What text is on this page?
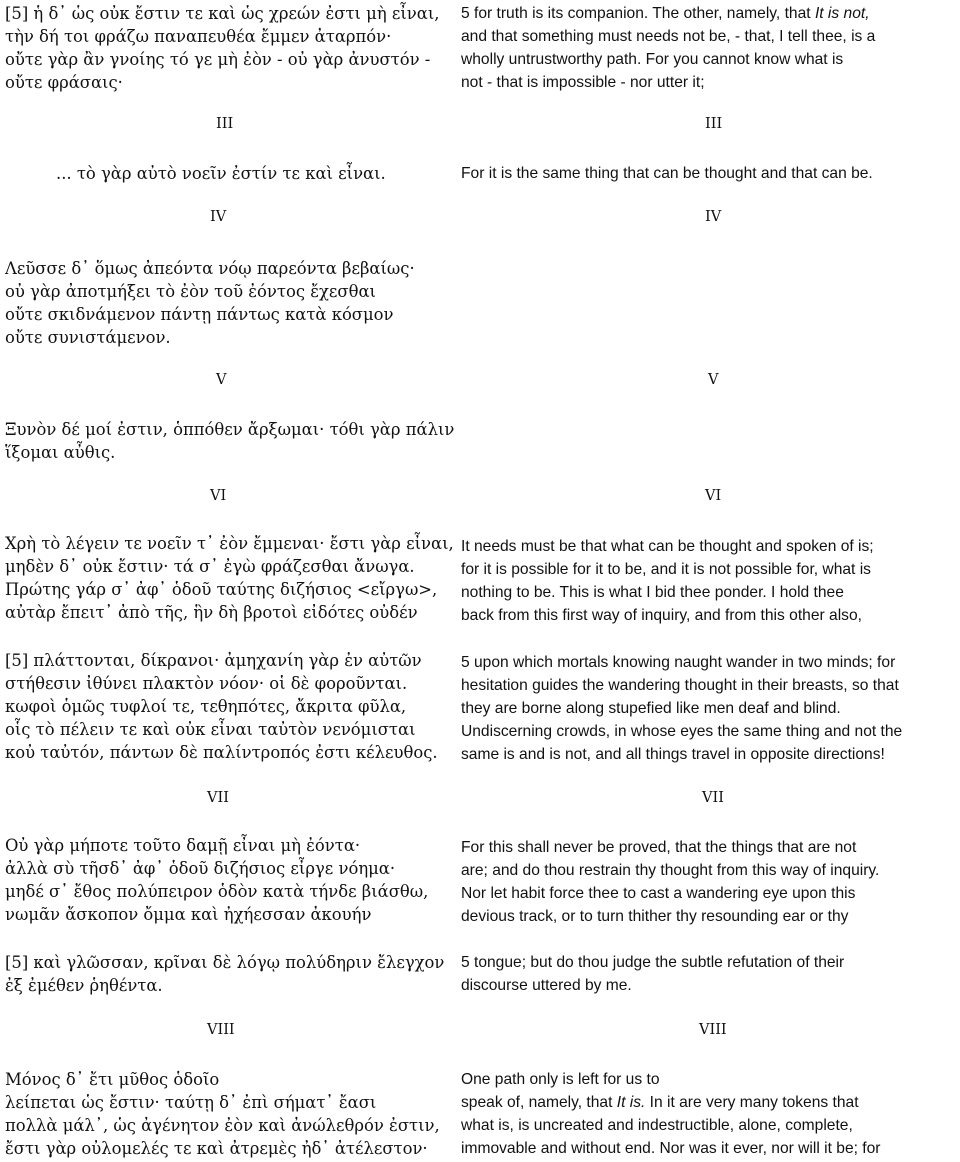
[5] ἡ δ᾽ ὡς οὐκ ἔστιν τε καὶ ὡς χρεών ἐστι μὴ εἶναι,
τὴν δή τοι φράζω παναπευθέα ἔμμεν ἀταρπόν·
οὔτε γὰρ ἂν γνοίης τό γε μὴ ἐὸν - οὐ γὰρ ἀνυστόν -
οὔτε φράσαις·
5 for truth is its companion. The other, namely, that It is not,
and that something must needs not be, - that, I tell thee, is a
wholly untrustworthy path. For you cannot know what is
not - that is impossible - nor utter it;
III	III
... τὸ γὰρ αὐτὸ νοεῖν ἐστίν τε καὶ εἶναι.	For it is the same thing that can be thought and that can be.
IV	IV
Λεῦσσε δ᾽ ὅμως ἀπεόντα νόῳ παρεόντα βεβαίως·
οὐ γὰρ ἀποτμήξει τὸ ἐὸν τοῦ ἐόντος ἔχεσθαι
οὔτε σκιδνάμενον πάντῃ πάντως κατὰ κόσμον
οὔτε συνιστάμενον.
V	V
Ξυνὸν δέ μοί ἐστιν, ὁππόθεν ἄρξωμαι· τόθι γὰρ πάλιν
ἵξομαι αὖθις.
VI	VI
Χρὴ τὸ λέγειν τε νοεῖν τ᾽ ἐὸν ἔμμεναι· ἔστι γὰρ εἶναι,
μηδὲν δ᾽ οὐκ ἔστιν· τά σ᾽ ἐγὼ φράζεσθαι ἄνωγα.
Πρώτης γάρ σ᾽ ἀφ᾽ ὁδοῦ ταύτης διζήσιος <εἴργω>,
αὐτὰρ ἔπειτ᾽ ἀπὸ τῆς, ἣν δὴ βροτοὶ εἰδότες οὐδέν
It needs must be that what can be thought and spoken of is;
for it is possible for it to be, and it is not possible for, what is
nothing to be. This is what I bid thee ponder. I hold thee
back from this first way of inquiry, and from this other also,
[5] πλάττονται, δίκρανοι· ἀμηχανίη γὰρ ἐν αὐτῶν
στήθεσιν ἰθύνει πλακτὸν νόον· οἱ δὲ φοροῦνται.
κωφοὶ ὁμῶς τυφλοί τε, τεθηπότες, ἄκριτα φῦλα,
οἷς τὸ πέλειν τε καὶ οὐκ εἶναι ταὐτὸν νενόμισται
κοὐ ταὐτόν, πάντων δὲ παλίντροπός ἐστι κέλευθος.
5 upon which mortals knowing naught wander in two minds; for
hesitation guides the wandering thought in their breasts, so that
they are borne along stupefied like men deaf and blind.
Undiscerning crowds, in whose eyes the same thing and not the
same is and is not, and all things travel in opposite directions!
VII	VII
Οὐ γὰρ μήποτε τοῦτο δαμῇ εἶναι μὴ ἐόντα·
ἀλλὰ σὺ τῆσδ᾽ ἀφ᾽ ὁδοῦ διζήσιος εἶργε νόημα·
μηδέ σ᾽ ἔθος πολύπειρον ὁδὸν κατὰ τήνδε βιάσθω,
νωμᾶν ἄσκοπον ὄμμα καὶ ἠχήεσσαν ἀκουήν
For this shall never be proved, that the things that are not
are; and do thou restrain thy thought from this way of inquiry.
Nor let habit force thee to cast a wandering eye upon this
devious track, or to turn thither thy resounding ear or thy
[5] καὶ γλῶσσαν, κρῖναι δὲ λόγῳ πολύδηριν ἔλεγχον
ἐξ ἐμέθεν ῥηθέντα.
5 tongue; but do thou judge the subtle refutation of their
discourse uttered by me.
VIII	VIII
Μόνος δ᾽ ἔτι μῦθος ὁδοῖο
λείπεται ὡς ἔστιν· ταύτῃ δ᾽ ἐπὶ σήματ᾽ ἔασι
πολλὰ μάλ᾽, ὡς ἀγένητον ἐὸν καὶ ἀνώλεθρόν ἐστιν,
ἔστι γὰρ οὐλομελές τε καὶ ἀτρεμὲς ἠδ᾽ ἀτέλεστον·
One path only is left for us to
speak of, namely, that It is. In it are very many tokens that
what is, is uncreated and indestructible, alone, complete,
immovable and without end. Nor was it ever, nor will it be; for
